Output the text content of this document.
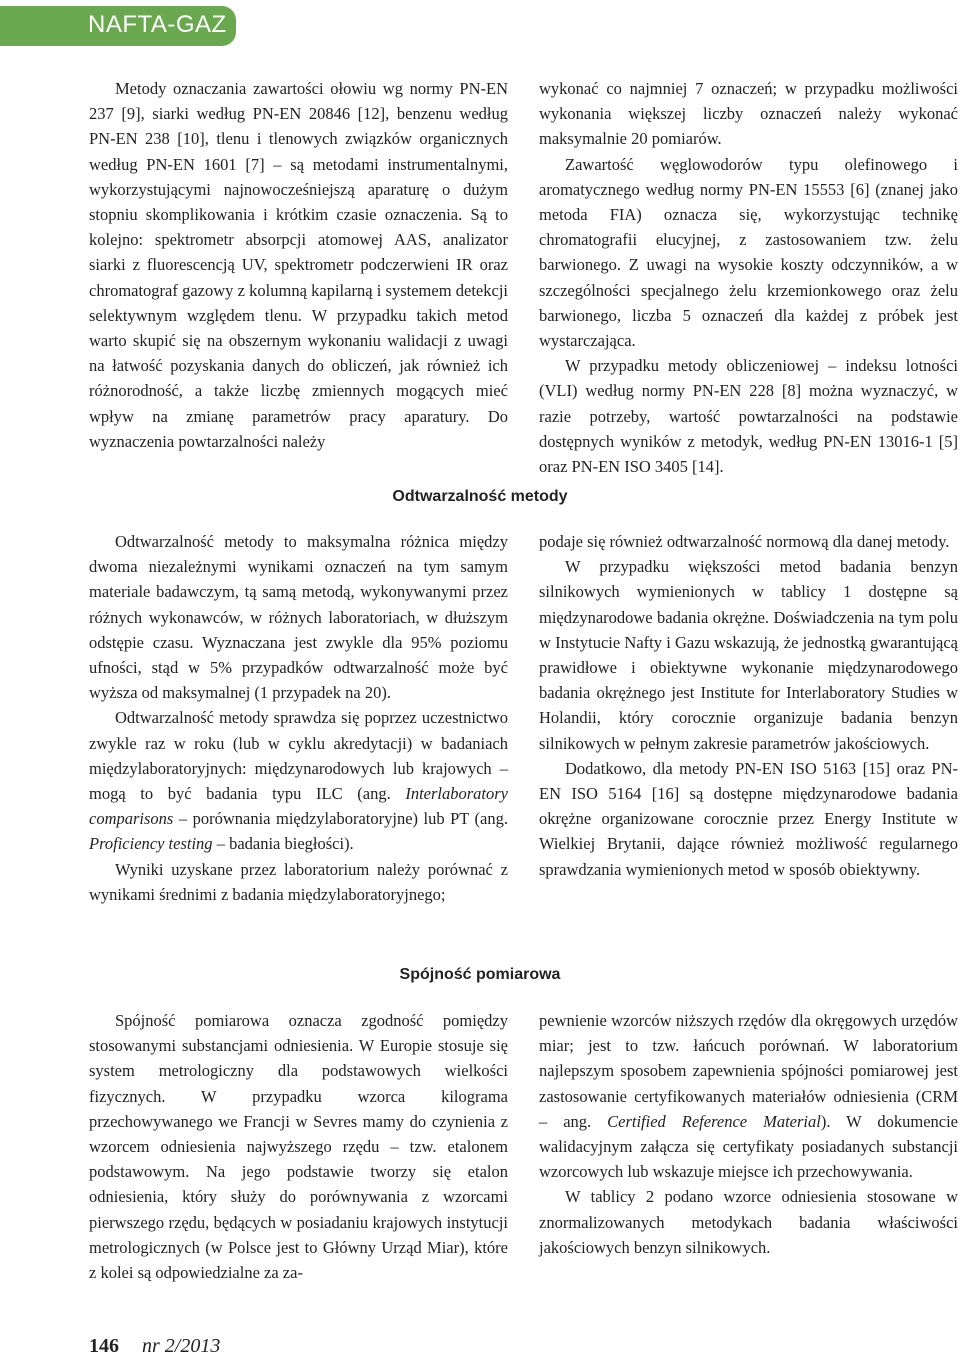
NAFTA-GAZ

Metody oznaczania zawartości ołowiu wg normy PN-EN 237 [9], siarki według PN-EN 20846 [12], benzenu według PN-EN 238 [10], tlenu i tlenowych związków organicznych według PN-EN 1601 [7] – są metodami instrumentalnymi, wykorzystującymi najnowocześniejszą aparaturę o dużym stopniu skomplikowania i krótkim czasie oznaczenia. Są to kolejno: spektrometr absorpcji atomowej AAS, analizator siarki z fluorescencją UV, spektrometr podczerwieni IR oraz chromatograf gazowy z kolumną kapilarną i systemem detekcji selektywnym względem tlenu. W przypadku takich metod warto skupić się na obszernym wykonaniu walidacji z uwagi na łatwość pozyskania danych do obliczeń, jak również ich różnorodność, a także liczbę zmiennych mogących mieć wpływ na zmianę parametrów pracy aparatury. Do wyznaczenia powtarzalności należy

wykonać co najmniej 7 oznaczeń; w przypadku możliwości wykonania większej liczby oznaczeń należy wykonać maksymalnie 20 pomiarów.

Zawartość węglowodorów typu olefinowego i aromatycznego według normy PN-EN 15553 [6] (znanej jako metoda FIA) oznacza się, wykorzystując technikę chromatografii elucyjnej, z zastosowaniem tzw. żelu barwionego. Z uwagi na wysokie koszty odczynników, a w szczególności specjalnego żelu krzemionkowego oraz żelu barwionego, liczba 5 oznaczeń dla każdej z próbek jest wystarczająca.

W przypadku metody obliczeniowej – indeksu lotności (VLI) według normy PN-EN 228 [8] można wyznaczyć, w razie potrzeby, wartość powtarzalności na podstawie dostępnych wyników z metodyk, według PN-EN 13016-1 [5] oraz PN-EN ISO 3405 [14].

Odtwarzalność metody

Odtwarzalność metody to maksymalna różnica między dwoma niezależnymi wynikami oznaczeń na tym samym materiale badawczym, tą samą metodą, wykonywanymi przez różnych wykonawców, w różnych laboratoriach, w dłuższym odstępie czasu. Wyznaczana jest zwykle dla 95% poziomu ufności, stąd w 5% przypadków odtwarzalność może być wyższa od maksymalnej (1 przypadek na 20).

Odtwarzalność metody sprawdza się poprzez uczestnictwo zwykle raz w roku (lub w cyklu akredytacji) w badaniach międzylaboratoryjnych: międzynarodowych lub krajowych – mogą to być badania typu ILC (ang. Interlaboratory comparisons – porównania międzylaboratoryjne) lub PT (ang. Proficiency testing – badania biegłości).

Wyniki uzyskane przez laboratorium należy porównać z wynikami średnimi z badania międzylaboratoryjnego;

podaje się również odtwarzalność normową dla danej metody.

W przypadku większości metod badania benzyn silnikowych wymienionych w tablicy 1 dostępne są międzynarodowe badania okrężne. Doświadczenia na tym polu w Instytucie Nafty i Gazu wskazują, że jednostką gwarantującą prawidłowe i obiektywne wykonanie międzynarodowego badania okrężnego jest Institute for Interlaboratory Studies w Holandii, który corocznie organizuje badania benzyn silnikowych w pełnym zakresie parametrów jakościowych.

Dodatkowo, dla metody PN-EN ISO 5163 [15] oraz PN-EN ISO 5164 [16] są dostępne międzynarodowe badania okrężne organizowane corocznie przez Energy Institute w Wielkiej Brytanii, dające również możliwość regularnego sprawdzania wymienionych metod w sposób obiektywny.

Spójność pomiarowa

Spójność pomiarowa oznacza zgodność pomiędzy stosowanymi substancjami odniesienia. W Europie stosuje się system metrologiczny dla podstawowych wielkości fizycznych. W przypadku wzorca kilograma przechowywanego we Francji w Sevres mamy do czynienia z wzorcem odniesienia najwyższego rzędu – tzw. etalonem podstawowym. Na jego podstawie tworzy się etalon odniesienia, który służy do porównywania z wzorcami pierwszego rzędu, będących w posiadaniu krajowych instytucji metrologicznych (w Polsce jest to Główny Urząd Miar), które z kolei są odpowiedzialne za za-

pewnienie wzorców niższych rzędów dla okręgowych urzędów miar; jest to tzw. łańcuch porównań. W laboratorium najlepszym sposobem zapewnienia spójności pomiarowej jest zastosowanie certyfikowanych materiałów odniesienia (CRM – ang. Certified Reference Material). W dokumencie walidacyjnym załącza się certyfikaty posiadanych substancji wzorcowych lub wskazuje miejsce ich przechowywania.

W tablicy 2 podano wzorce odniesienia stosowane w znormalizowanych metodykach badania właściwości jakościowych benzyn silnikowych.

146 nr 2/2013
